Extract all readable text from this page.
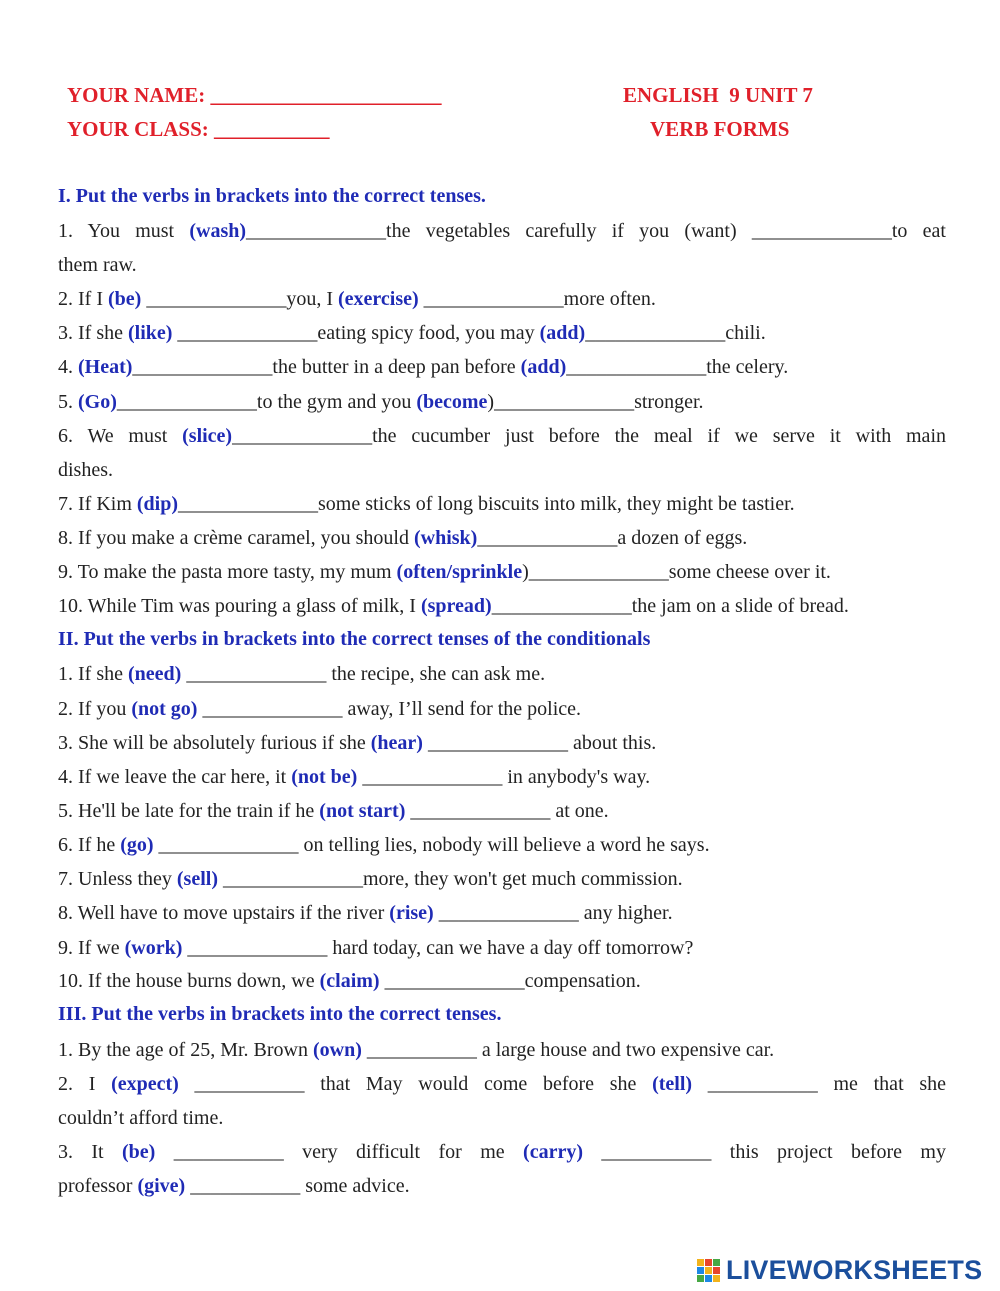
YOUR NAME: ______________________
YOUR CLASS: ___________
ENGLISH  9 UNIT 7
VERB FORMS
I. Put the verbs in brackets into the correct tenses.
1. You must (wash)______________the vegetables carefully if you (want) ______________to eat
them raw.
2. If I (be) ______________you, I (exercise) ______________more often.
3. If she (like) ______________eating spicy food, you may (add)______________chili.
4. (Heat)______________the butter in a deep pan before (add)______________the celery.
5. (Go)______________to the gym and you (become)______________stronger.
6. We must (slice)______________the cucumber just before the meal if we serve it with main
dishes.
7. If Kim (dip)______________some sticks of long biscuits into milk, they might be tastier.
8. If you make a crème caramel, you should (whisk)______________a dozen of eggs.
9. To make the pasta more tasty, my mum (often/sprinkle)______________some cheese over it.
10. While Tim was pouring a glass of milk, I (spread)______________the jam on a slide of bread.
II. Put the verbs in brackets into the correct tenses of the conditionals
1. If she (need) ______________ the recipe, she can ask me.
2. If you (not go) ______________ away, I’ll send for the police.
3. She will be absolutely furious if she (hear) ______________ about this.
4. If we leave the car here, it (not be) ______________ in anybody's way.
5. He'll be late for the train if he (not start) ______________ at one.
6. If he (go) ______________ on telling lies, nobody will believe a word he says.
7. Unless they (sell) ______________more, they won't get much commission.
8. Well have to move upstairs if the river (rise) ______________ any higher.
9. If we (work) ______________ hard today, can we have a day off tomorrow?
10. If the house burns down, we (claim) ______________compensation.
III. Put the verbs in brackets into the correct tenses.
1. By the age of 25, Mr. Brown (own) ___________ a large house and two expensive car.
2. I (expect) ___________ that May would come before she (tell) ___________ me that she
couldn’t afford time.
3. It (be) ___________ very difficult for me (carry) ___________ this project before my
professor (give) ___________ some advice.
LIVEWORKSHEETS
